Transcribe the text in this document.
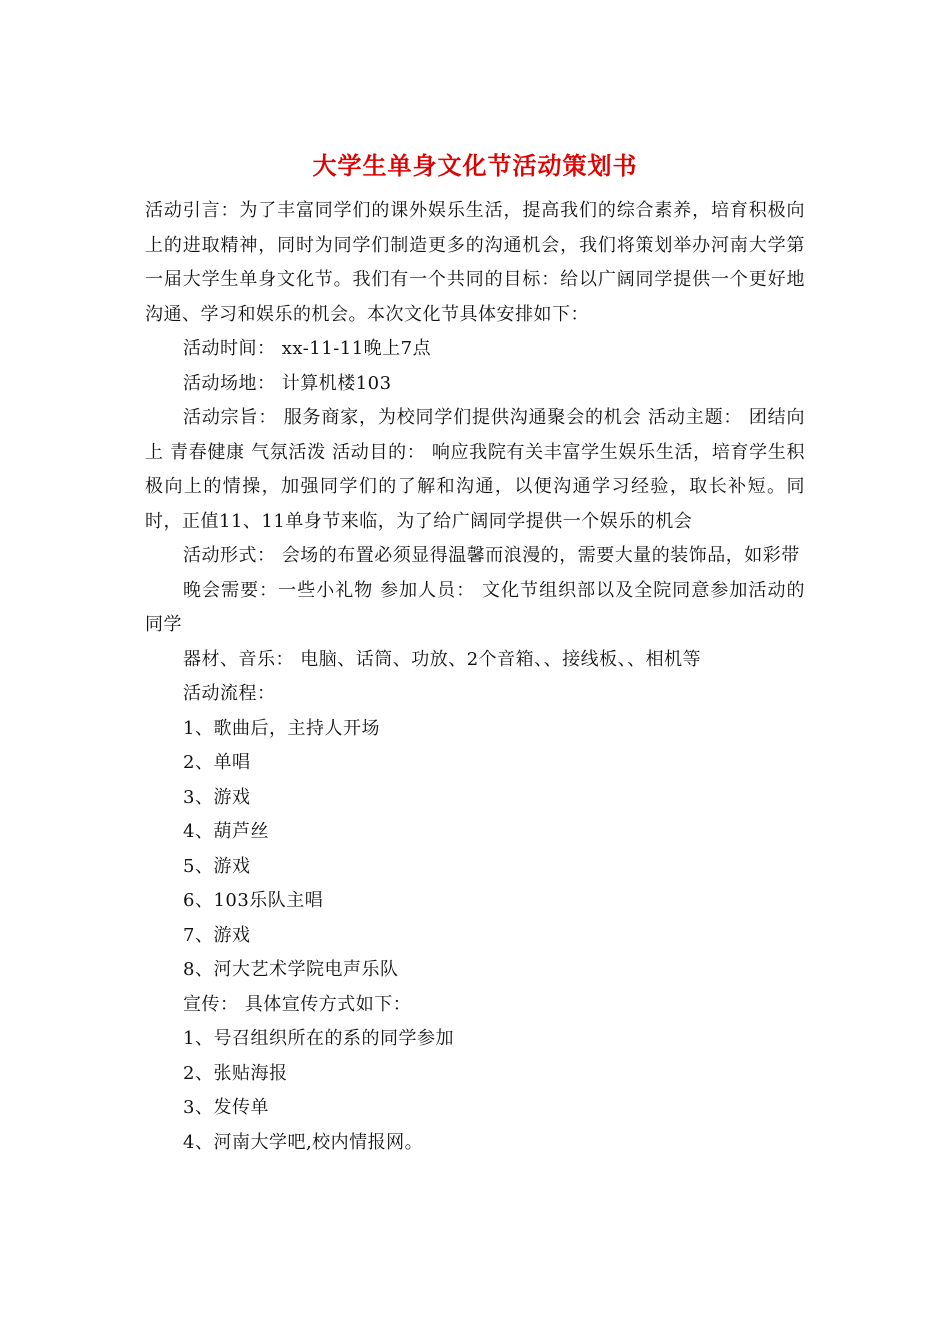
大学生单身文化节活动策划书

活动引言：为了丰富同学们的课外娱乐生活，提高我们的综合素养，培育积极向上的进取精神，同时为同学们制造更多的沟通机会，我们将策划举办河南大学第一届大学生单身文化节。我们有一个共同的目标：给以广阔同学提供一个更好地沟通、学习和娱乐的机会。本次文化节具体安排如下：

活动时间： xx-11-11晚上7点

活动场地： 计算机楼103

活动宗旨： 服务商家，为校同学们提供沟通聚会的机会 活动主题： 团结向上 青春健康 气氛活泼 活动目的： 响应我院有关丰富学生娱乐生活，培育学生积极向上的情操，加强同学们的了解和沟通，以便沟通学习经验，取长补短。同时，正值11、11单身节来临，为了给广阔同学提供一个娱乐的机会

活动形式： 会场的布置必须显得温馨而浪漫的，需要大量的装饰品，如彩带

晚会需要：一些小礼物 参加人员： 文化节组织部以及全院同意参加活动的同学

器材、音乐： 电脑、话筒、功放、2个音箱、、接线板、、相机等

活动流程：

1、歌曲后，主持人开场

2、单唱

3、游戏

4、葫芦丝

5、游戏

6、103乐队主唱

7、游戏

8、河大艺术学院电声乐队

宣传： 具体宣传方式如下：

1、号召组织所在的系的同学参加

2、张贴海报

3、发传单

4、河南大学吧,校内情报网。
